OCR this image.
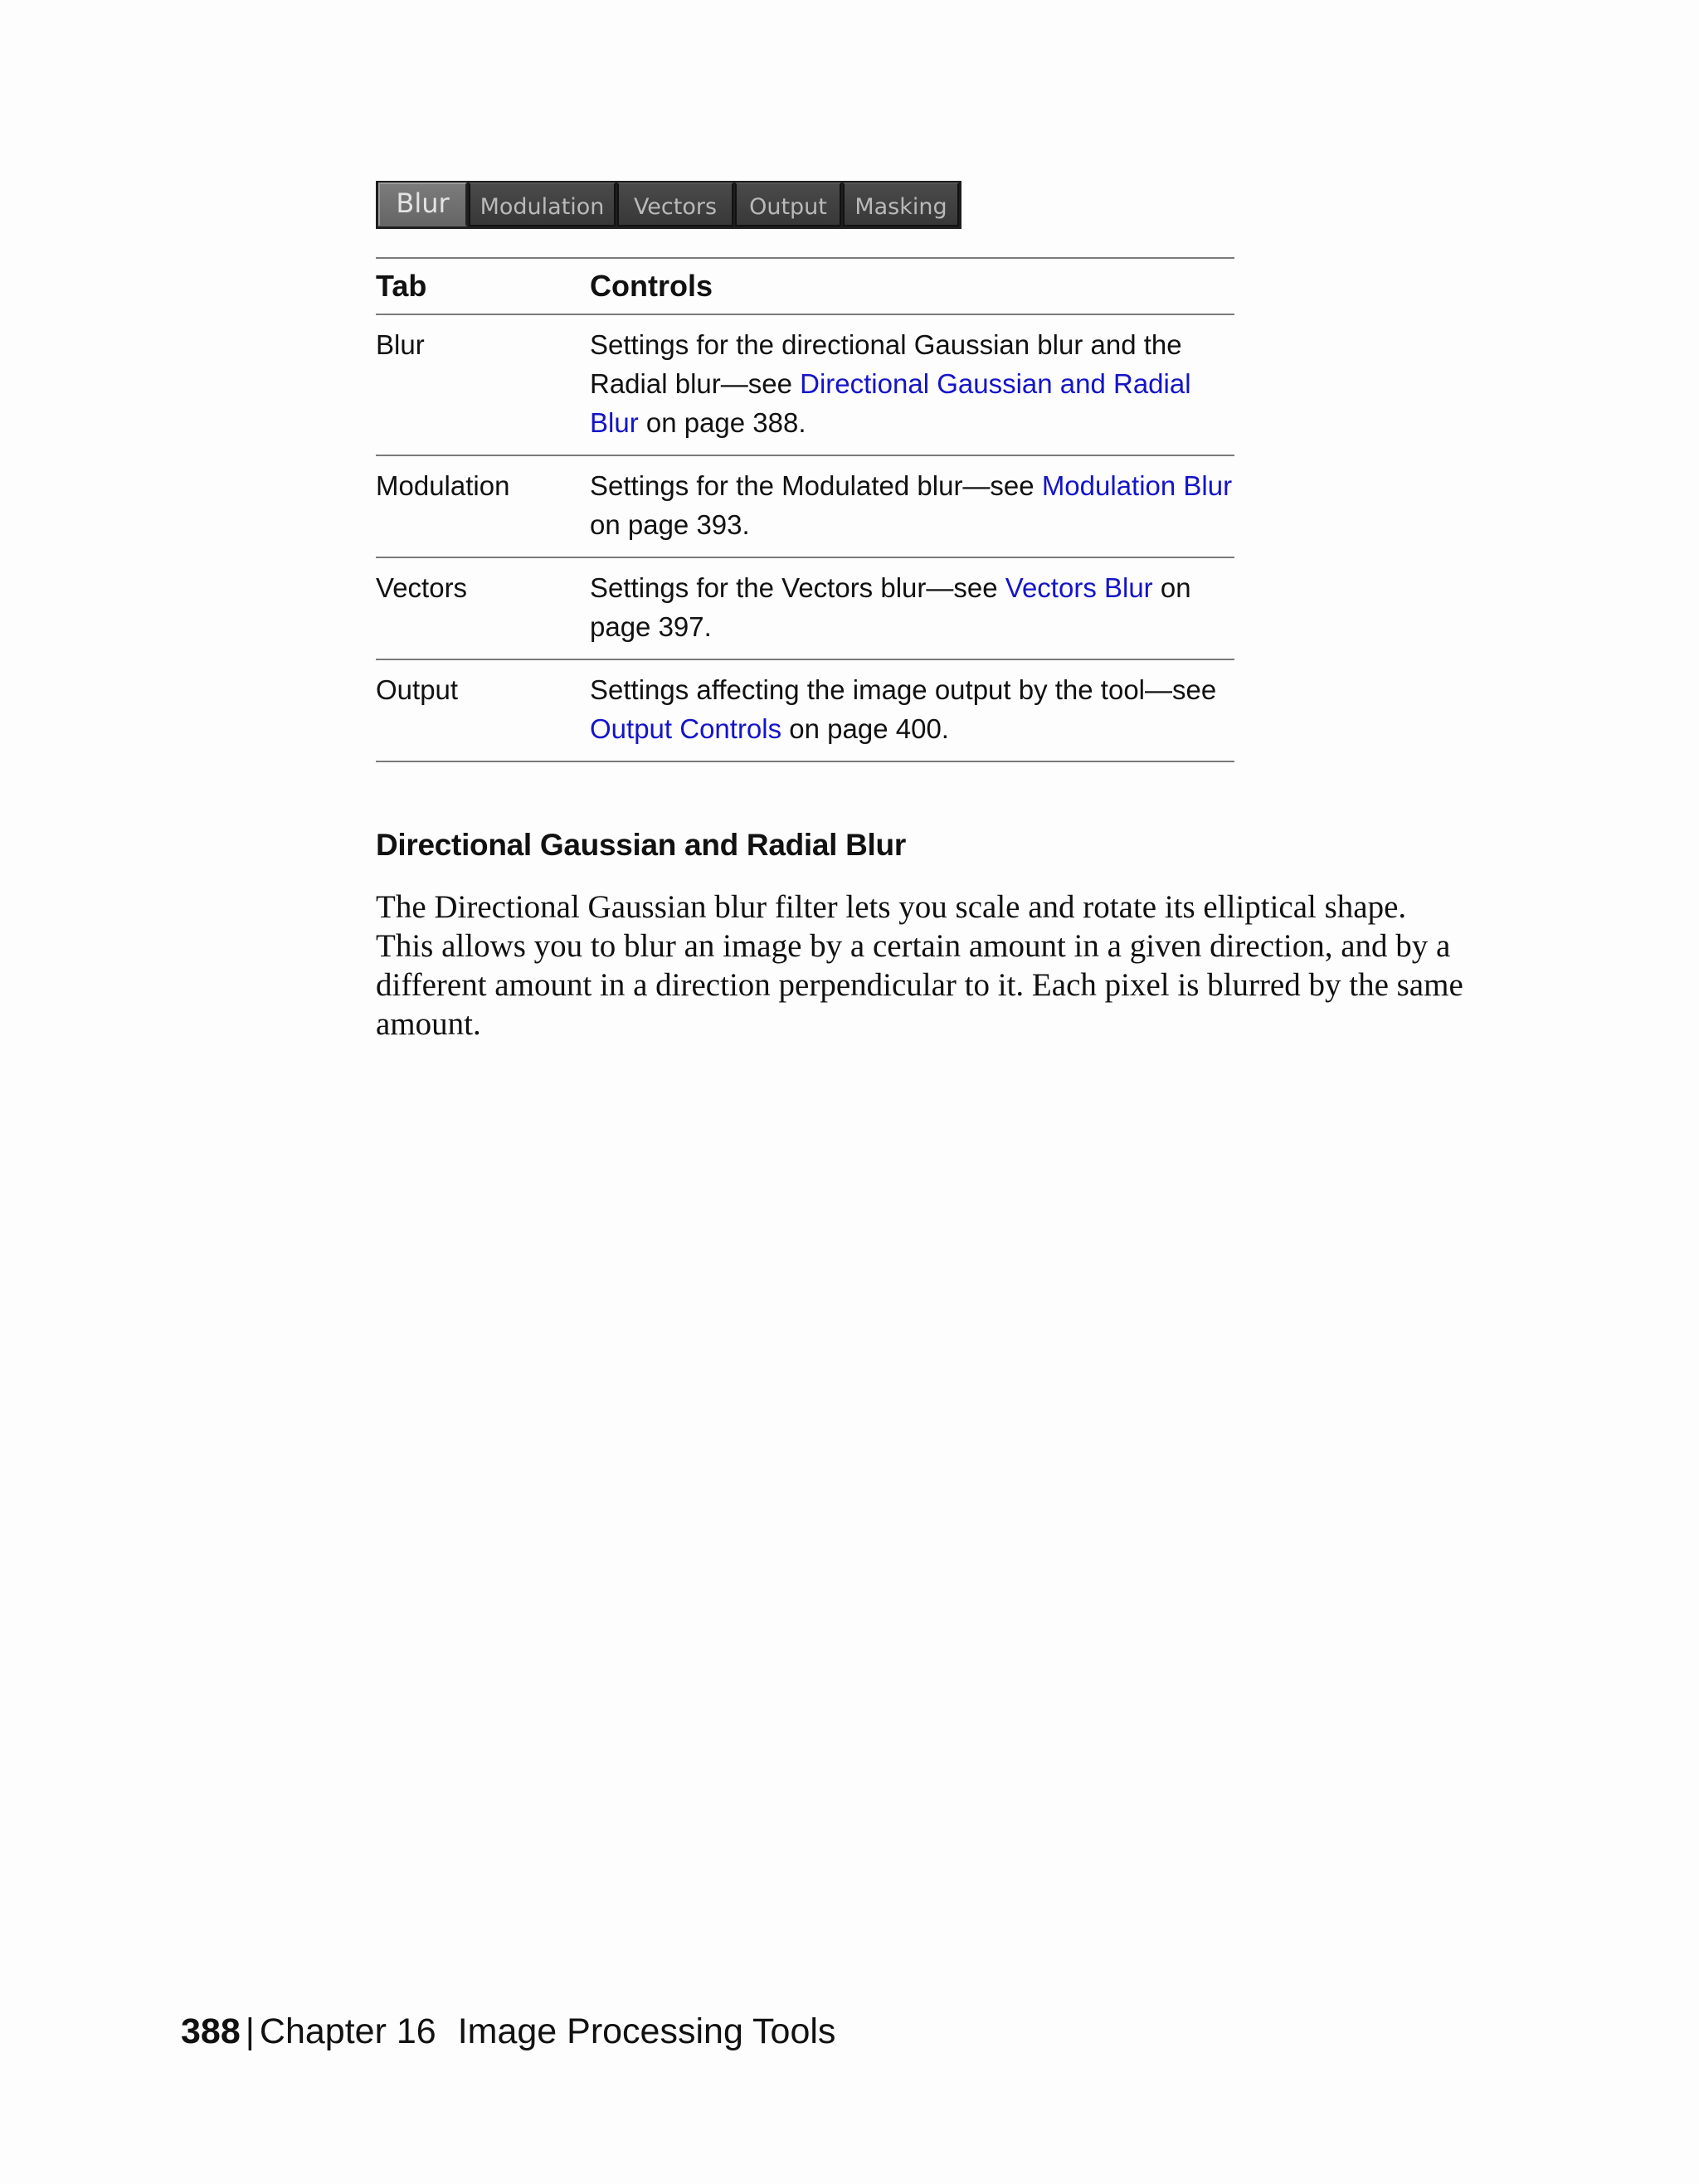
Blur	Modulation	Vectors	Output	Masking
Tab	Controls
Blur	Settings for the directional Gaussian blur and the Radial blur—see Directional Gaussian and Radial Blur on page 388.
Modulation	Settings for the Modulated blur—see Modulation Blur on page 393.
Vectors	Settings for the Vectors blur—see Vectors Blur on page 397.
Output	Settings affecting the image output by the tool—see Output Controls on page 400.
Directional Gaussian and Radial Blur

The Directional Gaussian blur filter lets you scale and rotate its elliptical shape. This allows you to blur an image by a certain amount in a given direction, and by a different amount in a direction perpendicular to it. Each pixel is blurred by the same amount.

388 | Chapter 16 Image Processing Tools
